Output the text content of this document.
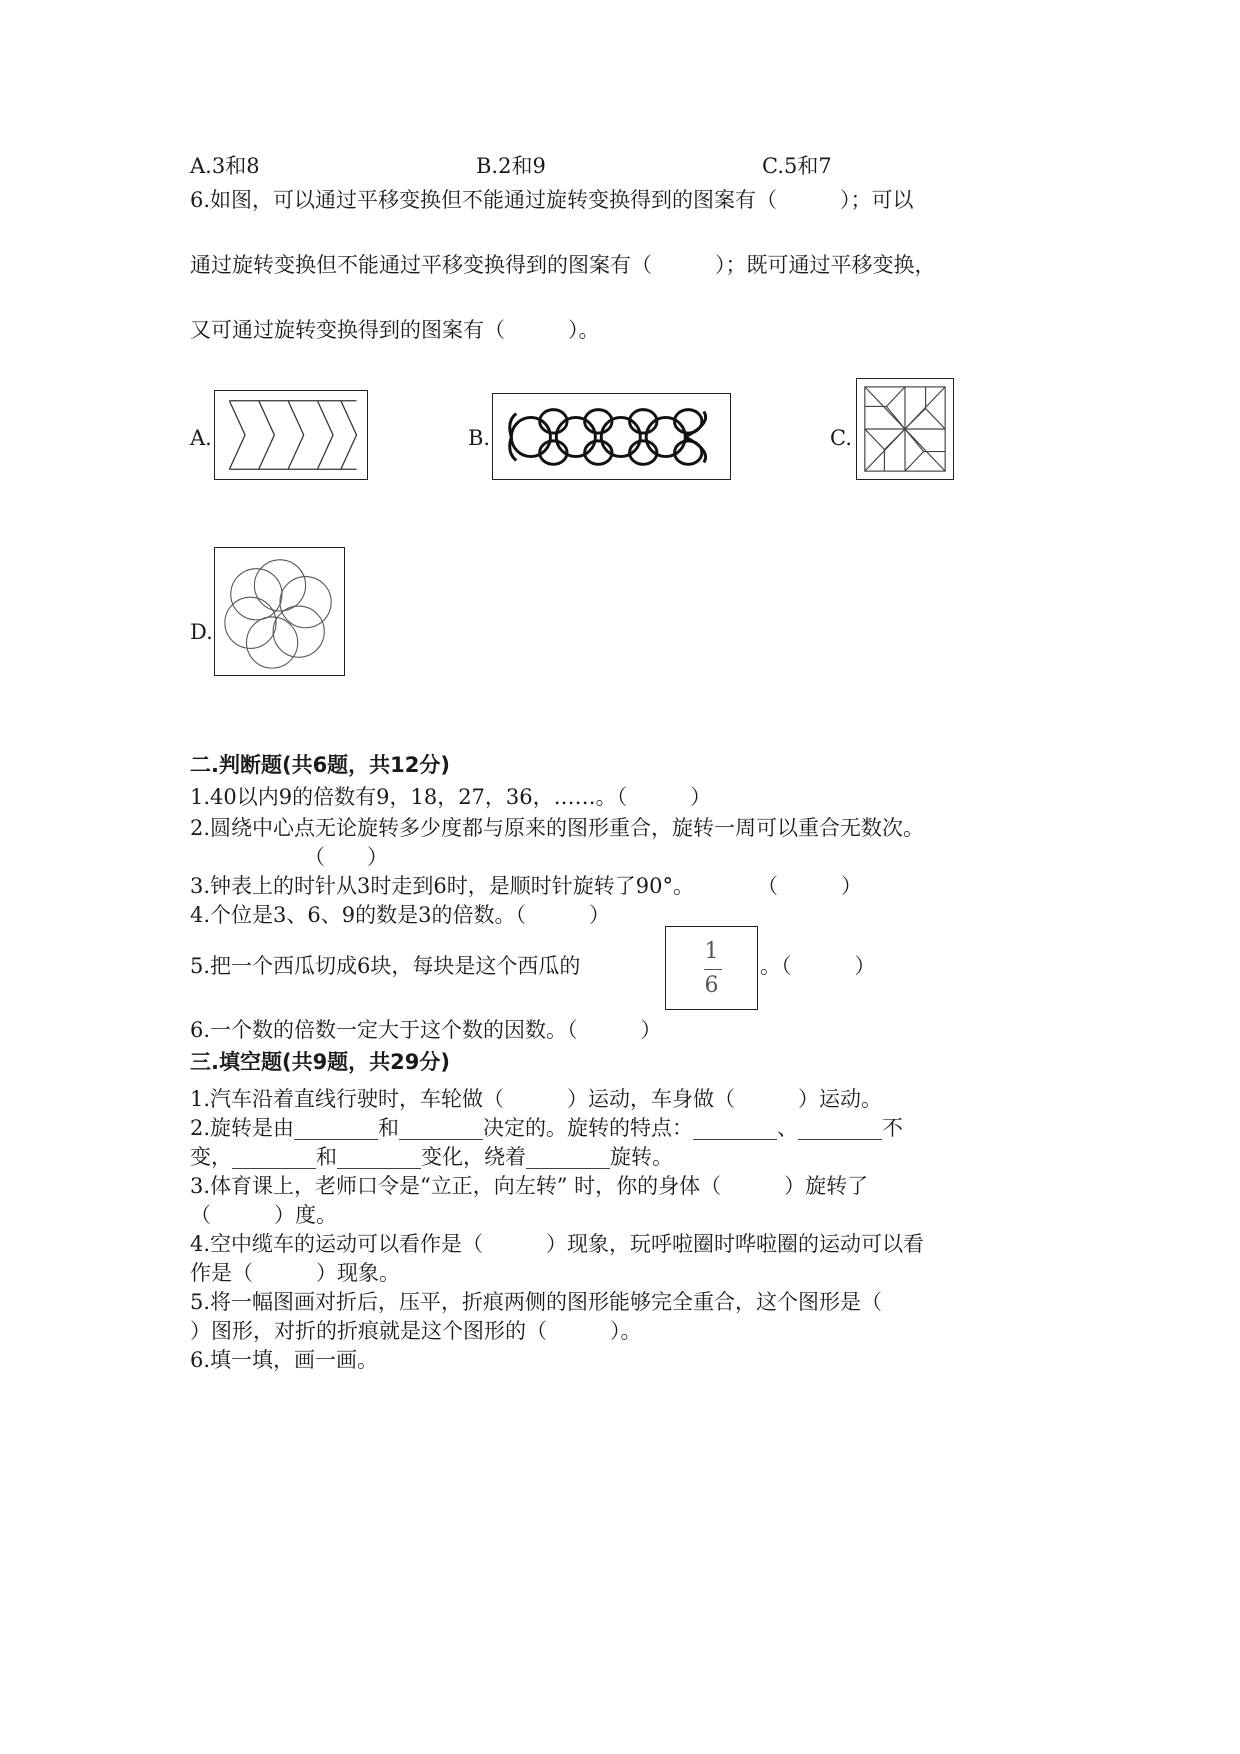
A.3和8	B.2和9	C.5和7
6.如图，可以通过平移变换但不能通过旋转变换得到的图案有（　　　）；可以
通过旋转变换但不能通过平移变换得到的图案有（　　　）；既可通过平移变换，
又可通过旋转变换得到的图案有（　　　）。
A.	B.	C.
D.
二.判断题(共6题，共12分)
1.40以内9的倍数有9，18，27，36，……。（　　　）
2.圆绕中心点无论旋转多少度都与原来的图形重合，旋转一周可以重合无数次。
（　　）
3.钟表上的时针从3时走到6时，是顺时针旋转了90°。　　　　（　　　）
4.个位是3、6、9的数是3的倍数。（　　　）
5.把一个西瓜切成6块，每块是这个西瓜的
1
6
。（　　　）
6.一个数的倍数一定大于这个数的因数。（　　　）
三.填空题(共9题，共29分)
1.汽车沿着直线行驶时，车轮做（　　　）运动，车身做（　　　）运动。
2.旋转是由________和________决定的。旋转的特点：________、________不
变，________和________变化，绕着________旋转。
3.体育课上，老师口令是“立正，向左转” 时，你的身体（　　　）旋转了
（　　　）度。
4.空中缆车的运动可以看作是（　　　）现象，玩呼啦圈时哗啦圈的运动可以看
作是（　　　）现象。
5.将一幅图画对折后，压平，折痕两侧的图形能够完全重合，这个图形是（
）图形，对折的折痕就是这个图形的（　　　）。
6.填一填，画一画。
